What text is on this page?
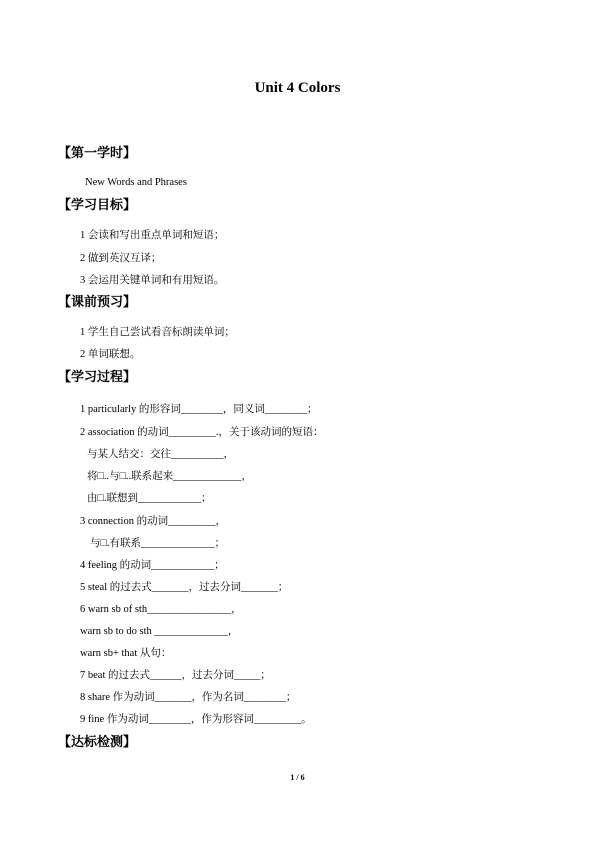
Unit 4 Colors
【第一学时】
New Words and Phrases
【学习目标】
1 会读和写出重点单词和短语；
2 做到英汉互译；
3 会运用关键单词和有用短语。
【课前预习】
1 学生自己尝试看音标朗读单词；
2 单词联想。
【学习过程】
1 particularly 的形容词________，同义词________；
2 association 的动词_________.，关于该动词的短语：
与某人结交：交往__________，
将□..与□..联系起来_____________，
由□.联想到____________；
3 connection 的动词_________，
与□.有联系______________；
4 feeling 的动词____________；
5 steal 的过去式_______，过去分词_______；
6 warn sb of sth________________，
warn sb to do sth ______________，
warn sb+ that 从句：
7 beat 的过去式______，过去分词_____；
8 share 作为动词_______，作为名词________；
9 fine 作为动词________，作为形容词_________。
【达标检测】
1 / 6
